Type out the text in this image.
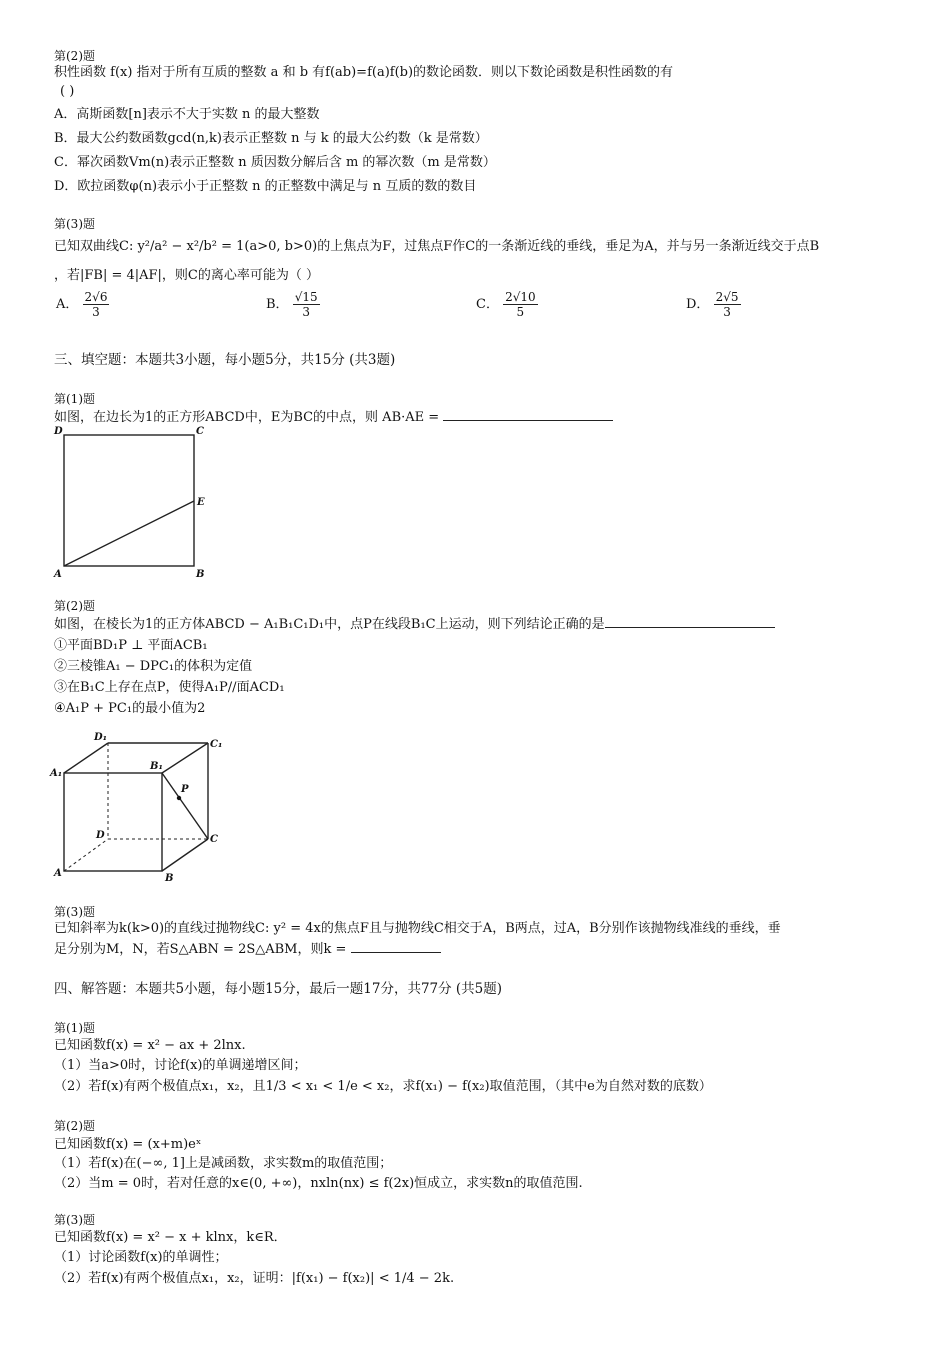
第(2)题
积性函数 f(x) 指对于所有互质的整数 a 和 b 有f(ab)=f(a)f(b)的数论函数．则以下数论函数是积性函数的有
( )
A．高斯函数[n]表示不大于实数 n 的最大整数
B．最大公约数函数gcd(n,k)表示正整数 n 与 k 的最大公约数（k 是常数）
C．幂次函数Vm(n)表示正整数 n 质因数分解后含 m 的幂次数（m 是常数）
D．欧拉函数φ(n)表示小于正整数 n 的正整数中满足与 n 互质的数的数目
第(3)题
已知双曲线C: y²/a² − x²/b² = 1(a>0, b>0)的上焦点为F，过焦点F作C的一条渐近线的垂线，垂足为A，并与另一条渐近线交于点B
，若|FB| = 4|AF|，则C的离心率可能为（ ）
A． $\frac{2√6}{3}$	B． $\frac{√15}{3}$	C． $\frac{2√10}{5}$	D． $\frac{2√5}{3}$
三、填空题：本题共3小题，每小题5分，共15分 (共3题)
第(1)题
如图，在边长为1的正方形ABCD中，E为BC的中点，则 AB·AE =
D	C
E
A	B
第(2)题
如图，在棱长为1的正方体ABCD − A₁B₁C₁D₁中，点P在线段B₁C上运动，则下列结论正确的是
①平面BD₁P ⊥ 平面ACB₁
②三棱锥A₁ − DPC₁的体积为定值
③在B₁C上存在点P，使得A₁P//面ACD₁
④A₁P + PC₁的最小值为2
D₁
C₁
A₁
B₁
P
D	C
A	B
第(3)题
已知斜率为k(k>0)的直线过抛物线C: y² = 4x的焦点F且与抛物线C相交于A，B两点，过A，B分别作该抛物线准线的垂线，垂
足分别为M，N，若S△ABN = 2S△ABM，则k =
四、解答题：本题共5小题，每小题15分，最后一题17分，共77分 (共5题)
第(1)题
已知函数f(x) = x² − ax + 2lnx.
（1）当a>0时，讨论f(x)的单调递增区间；
（2）若f(x)有两个极值点x₁，x₂，且1/3 < x₁ < 1/e < x₂，求f(x₁) − f(x₂)取值范围，（其中e为自然对数的底数）
第(2)题
已知函数f(x) = (x+m)eˣ
（1）若f(x)在(−∞, 1]上是减函数，求实数m的取值范围；
（2）当m = 0时，若对任意的x∈(0, +∞)，nxln(nx) ≤ f(2x)恒成立，求实数n的取值范围.
第(3)题
已知函数f(x) = x² − x + klnx，k∈R．
（1）讨论函数f(x)的单调性；
（2）若f(x)有两个极值点x₁，x₂，证明：|f(x₁) − f(x₂)| < 1/4 − 2k.
